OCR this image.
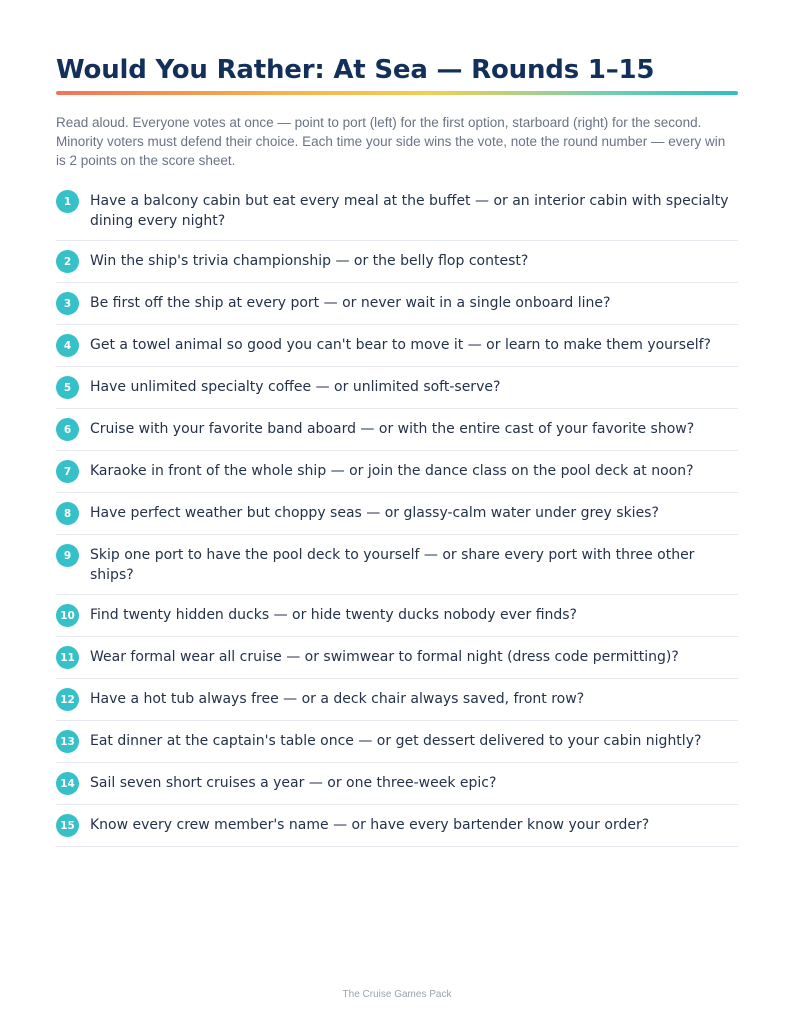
Would You Rather: At Sea — Rounds 1–15

Read aloud. Everyone votes at once — point to port (left) for the first option, starboard (right) for the second. Minority voters must defend their choice. Each time your side wins the vote, note the round number — every win is 2 points on the score sheet.

1	Have a balcony cabin but eat every meal at the buffet — or an interior cabin with specialty dining every night?
2	Win the ship's trivia championship — or the belly flop contest?
3	Be first off the ship at every port — or never wait in a single onboard line?
4	Get a towel animal so good you can't bear to move it — or learn to make them yourself?
5	Have unlimited specialty coffee — or unlimited soft-serve?
6	Cruise with your favorite band aboard — or with the entire cast of your favorite show?
7	Karaoke in front of the whole ship — or join the dance class on the pool deck at noon?
8	Have perfect weather but choppy seas — or glassy-calm water under grey skies?
9	Skip one port to have the pool deck to yourself — or share every port with three other ships?
10 Find twenty hidden ducks — or hide twenty ducks nobody ever finds?
11 Wear formal wear all cruise — or swimwear to formal night (dress code permitting)?
12 Have a hot tub always free — or a deck chair always saved, front row?
13 Eat dinner at the captain's table once — or get dessert delivered to your cabin nightly?
14 Sail seven short cruises a year — or one three-week epic?
15 Know every crew member's name — or have every bartender know your order?
The Cruise Games Pack
